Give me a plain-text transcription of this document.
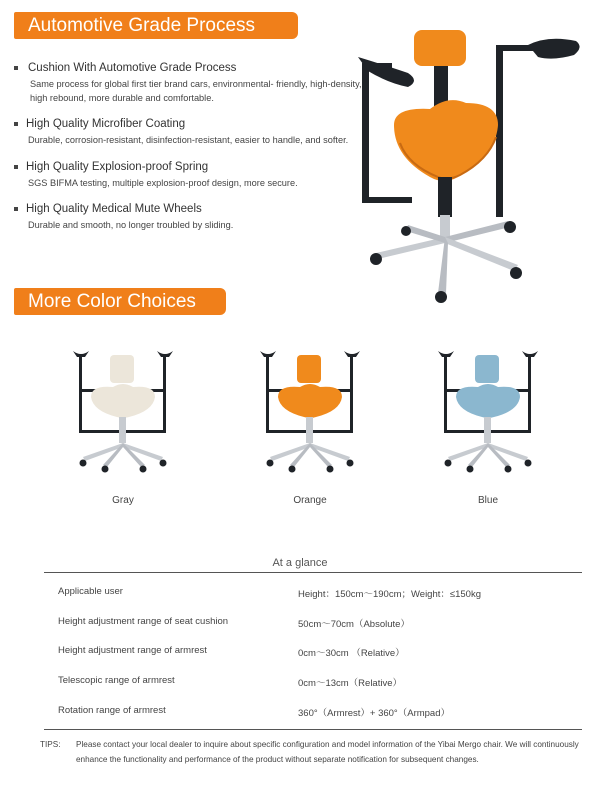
Automotive Grade Process
Cushion With Automotive Grade Process
Same process for global first tier brand cars, environmental- friendly, high-density, high rebound, more durable and comfortable.
High Quality Microfiber Coating
Durable, corrosion-resistant, disinfection-resistant, easier to handle, and softer.
High Quality Explosion-proof Spring
SGS BIFMA testing, multiple explosion-proof design, more secure.
High Quality Medical Mute Wheels
Durable and smooth, no longer troubled by sliding.
More Color Choices
Gray	Orange	Blue
At a glance
Applicable user	Height：150cm～190cm；Weight：≤150kg
Height adjustment range of seat cushion	50cm～70cm（Absolute）
Height adjustment range of armrest	0cm～30cm （Relative）
Telescopic range of armrest	0cm～13cm（Relative）
Rotation range of armrest	360°（Armrest）+ 360°（Armpad）
TIPS: Please contact your local dealer to inquire about specific configuration and model information of the Yibai Mergo chair. We will continuously enhance the functionality and performance of the product without separate notification for subsequent changes.
